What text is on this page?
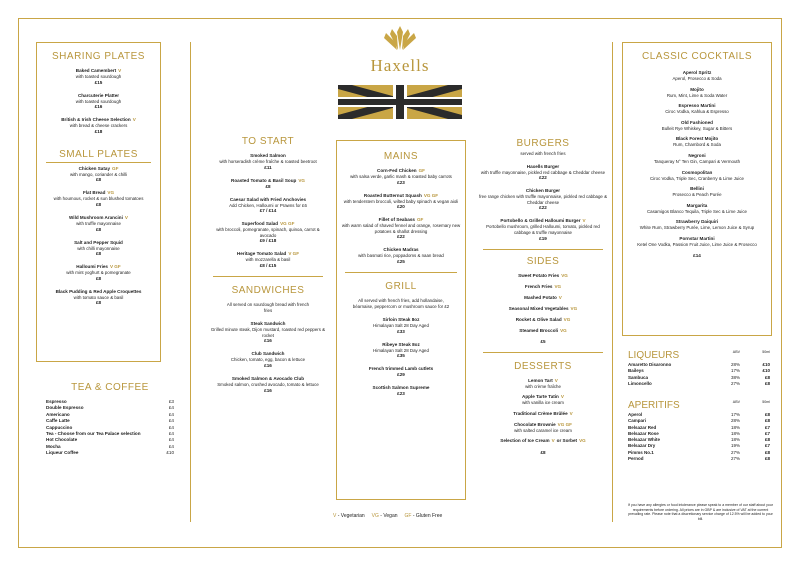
SHARING PLATES
Baked Camembert V
with toasted sourdough
£15
Charcuterie Platter
with toasted sourdough
£16
British & Irish Cheese Selection V
with bread & cheese crackers
£18
SMALL PLATES
Chicken Satay GF
with mango, coriander & chilli
£8
Flat Bread VG
with houmous, rocket & sun blushed tomatoes
£8
Wild Mushroom Arancini V
with truffle mayonnaise
£8
Salt and Pepper Squid
with chilli mayonnaise
£8
Halloumi Fries V GF
with mint yoghurt & pomegranate
£8
Black Pudding & Red Apple Croquettes
with tomato sauce & basil
£8
TEA & COFFEE
Espresso	£3
Double Espresso	£4
Americano	£4
Caffe Latte	£4
Cappuccino	£4
Tea - Choose from our Tea Palace selection	£4
Hot Chocolate	£4
Mocha	£4
Liqueur Coffee	£10
TO START
Smoked Salmon
with horseradish crème fraîche & roasted beetroot
£11
Roasted Tomato & Basil Soup VG
£8
Caesar Salad with Fried Anchovies
Add Chicken, Halloumi or Prawns for £6
£7 / £14
Superfood Salad VG GF
with broccoli, pomegranate, spinach, quinoa, carrot & avocado
£9 / £18
Heritage Tomato Salad V GF
with mozzarella & basil
£8 / £15
SANDWICHES
All served on sourdough bread with french fries
Steak Sandwich
Grilled minute steak, Dijon mustard, roasted red peppers & rocket
£16
Club Sandwich
Chicken, tomato, egg, bacon & lettuce
£16
Smoked Salmon & Avocado Club
Smoked salmon, crushed avocado, tomato & lettuce
£16
Haxells
MAINS
Corn-Fed Chicken GF
with salsa verde, garlic mash & roasted baby carrots
£23
Roasted Butternut Squash VG GF
with tenderstem broccoli, wilted baby spinach & vegan aioli
£20
Fillet of Seabass GF
with warm salad of shaved fennel and orange, rosemary new potatoes & shallot dressing
£22
Chicken Madras
with basmati rice, poppadoms & naan bread
£25
GRILL
All served with french fries, add hollandaise, béarnaise, peppercorn or mushroom sauce for £2
Sirloin Steak 8oz
Himalayan Salt 28 Day Aged
£33
Ribeye Steak 8oz
Himalayan Salt 28 Day Aged
£35
French trimmed Lamb cutlets
£29
Scottish Salmon Supreme
£23
V - Vegetarian VG - Vegan GF - Gluten Free
BURGERS
served with french fries
Haxells Burger
with truffle mayonnaise, pickled red cabbage & Cheddar cheese
£22
Chicken Burger
free range chicken with truffle mayonnaise, pickled red cabbage & Cheddar cheese
£22
Portobello & Grilled Halloumi Burger V
Portobello mushroom, grilled Halloumi, tomato, pickled red cabbage & truffle mayonnaise
£19
SIDES
Sweet Potato Fries VG
French Fries VG
Mashed Potato V
Seasonal Mixed Vegetables VG
Rocket & Olive Salad VG
Steamed Broccoli VG
£5
DESSERTS
Lemon Tart V
with crème fraîche
Apple Tarte Tatin V
with vanilla ice cream
Traditional Crème Brûlée V
Chocolate Brownie VG GF
with salted caramel ice cream
Selection of Ice Cream V or Sorbet VG
£8
CLASSIC COCKTAILS
Aperol Spritz
Aperol, Prosecco & Soda
Mojito
Rum, Mint, Lime & Soda Water
Espresso Martini
Ciroc Vodka, Kahlua & Espresso
Old Fashioned
Bulleit Rye Whiskey, Sugar & Bitters
Black Forest Mojito
Rum, Chambord & Soda
Negroni
Tanqueray N° Ten Gin, Campari & Vermouth
Cosmopolitan
Ciroc Vodka, Triple Sec, Cranberry & Lime Juice
Bellini
Prosecco & Peach Purée
Margarita
Casamigos Blanco Tequila, Triple Sec & Lime Juice
Strawberry Daiquiri
White Rum, Strawberry Purée, Lime, Lemon Juice & Syrup
Pornstar Martini
Ketel One Vodka, Passion Fruit Juice, Lime Juice & Prosecco
£14
LIQUEURS	ABV	50ml
Amaretto Disaronno	28%	£10
Baileys	17%	£10
Sambuca	38%	£8
Limoncello	27%	£8
APERITIFS	ABV	50ml
Aperol	17%	£8
Campari	28%	£8
Belsazar Red	18%	£7
Belsazar Rose	18%	£7
Belsazar White	18%	£8
Belsazar Dry	19%	£7
Pimms No.1	27%	£8
Pernod	27%	£8
If you have any allergies or food intolerance please speak to a member of our staff about your requirements before ordering. All prices are in GBP & are inclusive of VAT at the current prevailing rate. Please note that a discretionary service charge of 12.5% will be added to your bill.
